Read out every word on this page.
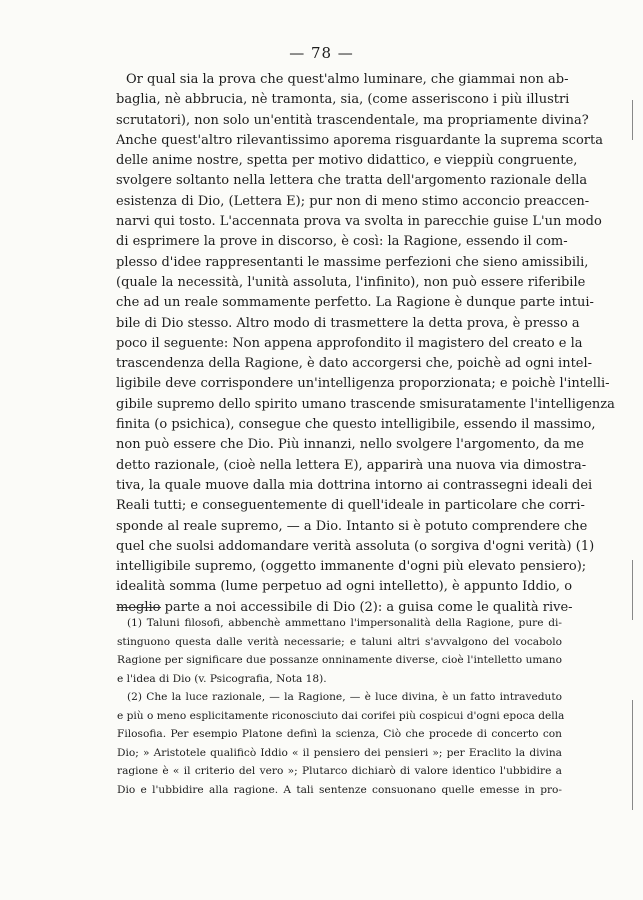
— 78 —
Or qual sia la prova che quest'almo luminare, che giammai non ab-
baglia, nè abbrucia, nè tramonta, sia, (come asseriscono i più illustri
scrutatori), non solo un'entità trascendentale, ma propriamente divina?
Anche quest'altro rilevantissimo aporema risguardante la suprema scorta
delle anime nostre, spetta per motivo didattico, e vieppiù congruente,
svolgere soltanto nella lettera che tratta dell'argomento razionale della
esistenza di Dio, (Lettera E); pur non di meno stimo acconcio preaccen-
narvi qui tosto. L'accennata prova va svolta in parecchie guise L'un modo
di esprimere la prove in discorso, è così: la Ragione, essendo il com-
plesso d'idee rappresentanti le massime perfezioni che sieno amissibili,
(quale la necessità, l'unità assoluta, l'infinito), non può essere riferibile
che ad un reale sommamente perfetto. La Ragione è dunque parte intui-
bile di Dio stesso. Altro modo di trasmettere la detta prova, è presso a
poco il seguente: Non appena approfondito il magistero del creato e la
trascendenza della Ragione, è dato accorgersi che, poichè ad ogni intel-
ligibile deve corrispondere un'intelligenza proporzionata; e poichè l'intelli-
gibile supremo dello spirito umano trascende smisuratamente l'intelligenza
finita (o psichica), consegue che questo intelligibile, essendo il massimo,
non può essere che Dio. Più innanzi, nello svolgere l'argomento, da me
detto razionale, (cioè nella lettera E), apparirà una nuova via dimostra-
tiva, la quale muove dalla mia dottrina intorno ai contrassegni ideali dei
Reali tutti; e conseguentemente di quell'ideale in particolare che corri-
sponde al reale supremo, — a Dio. Intanto si è potuto comprendere che
quel che suolsi addomandare verità assoluta (o sorgiva d'ogni verità) (1)
intelligibile supremo, (oggetto immanente d'ogni più elevato pensiero);
idealità somma (lume perpetuo ad ogni intelletto), è appunto Iddio, o
meglio parte a noi accessibile di Dio (2): a guisa come le qualità rive-
(1) Taluni filosofi, abbenchè ammettano l'impersonalità della Ragione, pure di-
stinguono questa dalle verità necessarie; e taluni altri s'avvalgono del vocabolo
Ragione per significare due possanze onninamente diverse, cioè l'intelletto umano
e l'idea di Dio (v. Psicografia, Nota 18).
(2) Che la luce razionale, — la Ragione, — è luce divina, è un fatto intraveduto
e più o meno esplicitamente riconosciuto dai corifei più cospicui d'ogni epoca della
Filosofia. Per esempio Platone definì la scienza, Ciò che procede di concerto con
Dio; » Aristotele qualificò Iddio « il pensiero dei pensieri »; per Eraclito la divina
ragione è « il criterio del vero »; Plutarco dichiarò di valore identico l'ubbidire a
Dio e l'ubbidire alla ragione. A tali sentenze consuonano quelle emesse in pro-
